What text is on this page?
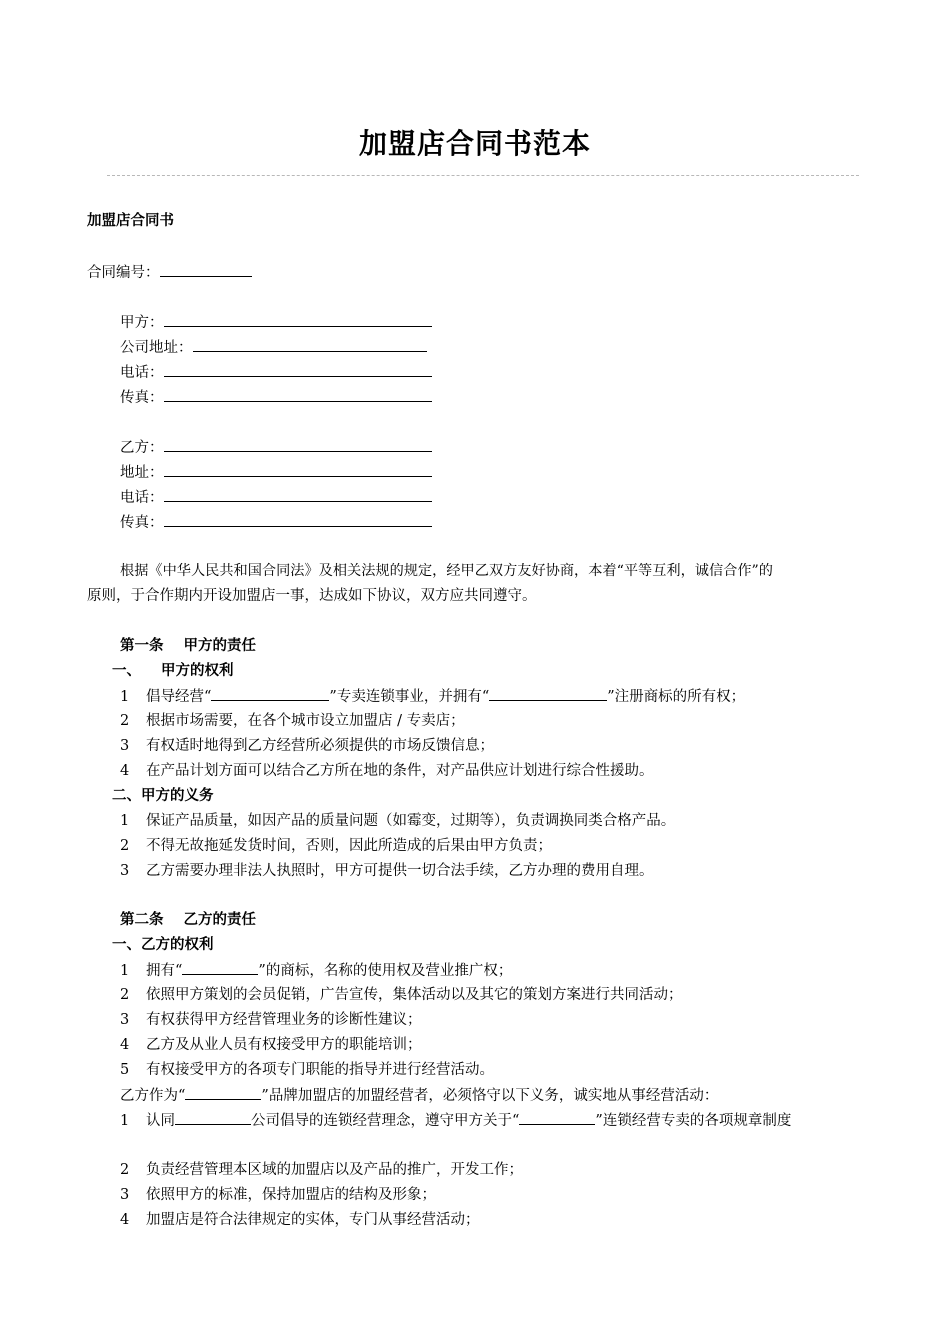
加盟店合同书范本
加盟店合同书
合同编号：
甲方：
公司地址：
电话：
传真：
乙方：
地址：
电话：
传真：
根据《中华人民共和国合同法》及相关法规的规定，经甲乙双方友好协商，本着“平等互利，诚信合作”的
原则，于合作期内开设加盟店一事，达成如下协议，双方应共同遵守。
第一条 甲方的责任
一、 甲方的权利
1 倡导经营“	”专卖连锁事业，并拥有“	”注册商标的所有权；
2 根据市场需要，在各个城市设立加盟店 / 专卖店；
3 有权适时地得到乙方经营所必须提供的市场反馈信息；
4 在产品计划方面可以结合乙方所在地的条件，对产品供应计划进行综合性援助。
二、甲方的义务
1 保证产品质量，如因产品的质量问题（如霉变，过期等），负责调换同类合格产品。
2 不得无故拖延发货时间，否则，因此所造成的后果由甲方负责；
3 乙方需要办理非法人执照时，甲方可提供一切合法手续，乙方办理的费用自理。
第二条 乙方的责任
一、乙方的权利
1 拥有“	”的商标，名称的使用权及营业推广权；
2 依照甲方策划的会员促销，广告宣传，集体活动以及其它的策划方案进行共同活动；
3 有权获得甲方经营管理业务的诊断性建议；
4 乙方及从业人员有权接受甲方的职能培训；
5 有权接受甲方的各项专门职能的指导并进行经营活动。
乙方作为“	”品牌加盟店的加盟经营者，必须恪守以下义务，诚实地从事经营活动：
1 认同	公司倡导的连锁经营理念，遵守甲方关于“	”连锁经营专卖的各项规章制度
2 负责经营管理本区域的加盟店以及产品的推广，开发工作；
3 依照甲方的标准，保持加盟店的结构及形象；
4 加盟店是符合法律规定的实体，专门从事经营活动；
